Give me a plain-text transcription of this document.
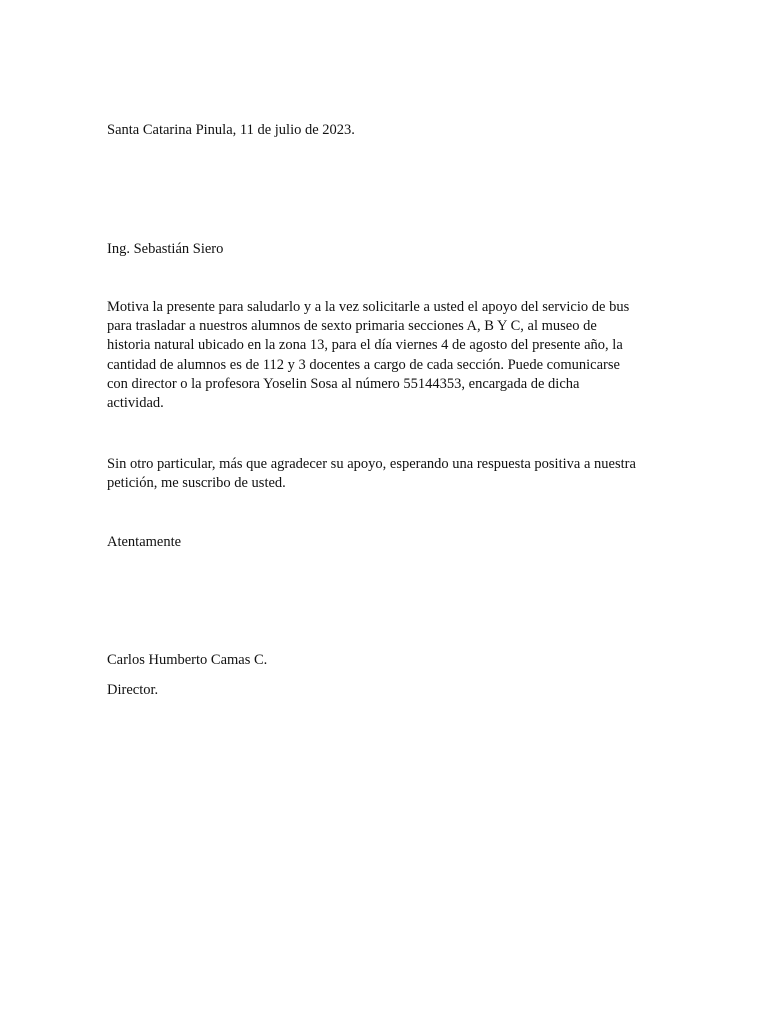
Santa Catarina Pinula, 11 de julio de 2023.

Ing. Sebastián Siero

Motiva la presente para saludarlo y a la vez solicitarle a usted el apoyo del servicio de bus
para trasladar a nuestros alumnos de sexto primaria secciones A, B Y C, al museo de
historia natural ubicado en la zona 13, para el día viernes 4 de agosto del presente año, la
cantidad de alumnos es de 112 y 3 docentes a cargo de cada sección. Puede comunicarse
con director o la profesora Yoselin Sosa al número 55144353, encargada de dicha
actividad.

Sin otro particular, más que agradecer su apoyo, esperando una respuesta positiva a nuestra
petición, me suscribo de usted.

Atentamente

Carlos Humberto Camas C.

Director.
